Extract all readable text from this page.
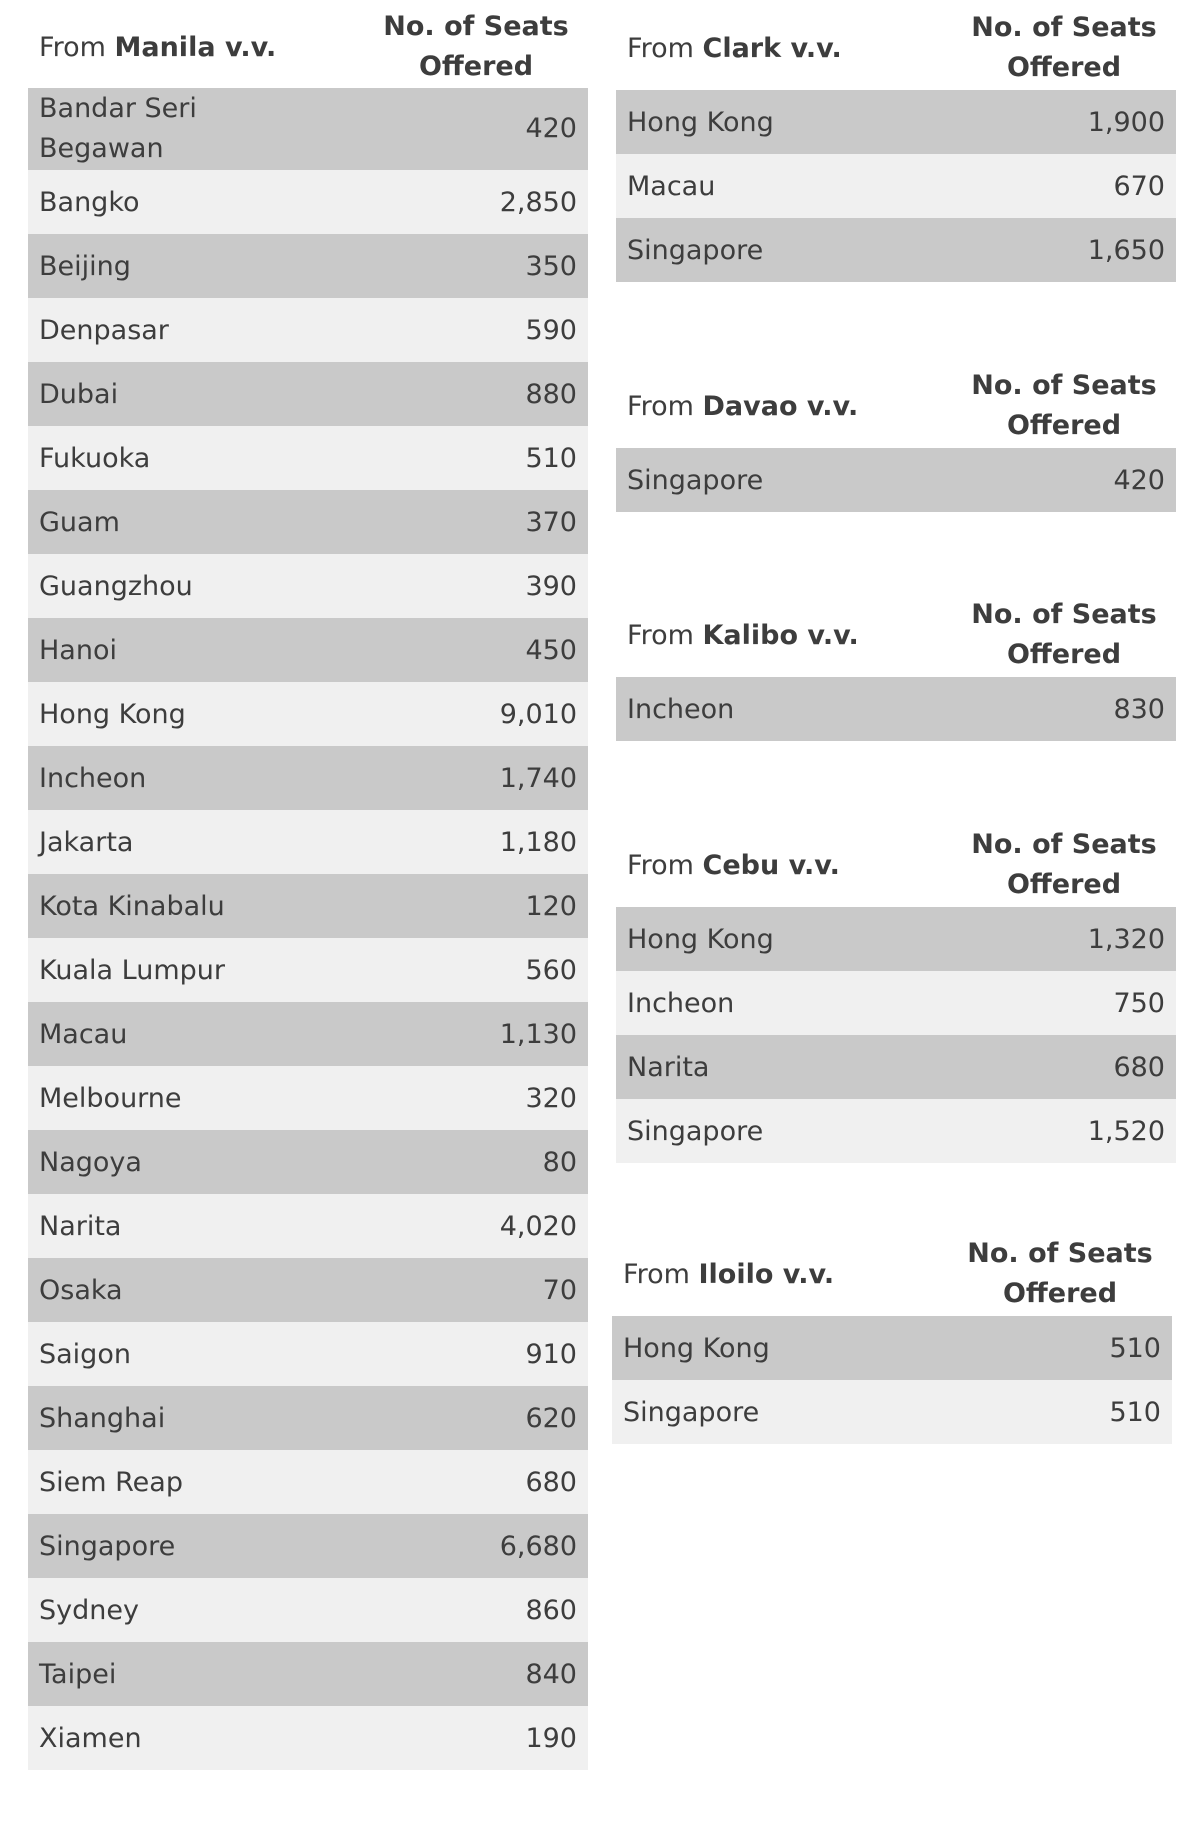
From Manila v.v.
No. of Seats
Offered
Bandar Seri Begawan
420
Bangko	2,850
Beijing	350
Denpasar	590
Dubai	880
Fukuoka	510
Guam	370
Guangzhou	390
Hanoi	450
Hong Kong	9,010
Incheon	1,740
Jakarta	1,180
Kota Kinabalu	120
Kuala Lumpur	560
Macau	1,130
Melbourne	320
Nagoya	80
Narita	4,020
Osaka	70
Saigon	910
Shanghai	620
Siem Reap	680
Singapore	6,680
Sydney	860
Taipei	840
Xiamen	190
From Clark v.v.
No. of Seats
Offered
Hong Kong	1,900
Macau	670
Singapore	1,650
From Davao v.v.
No. of Seats
Offered
Singapore	420
From Kalibo v.v.
No. of Seats
Offered
Incheon	830
From Cebu v.v.
No. of Seats
Offered
Hong Kong	1,320
Incheon	750
Narita	680
Singapore	1,520
From Iloilo v.v.
No. of Seats
Offered
Hong Kong	510
Singapore	510
